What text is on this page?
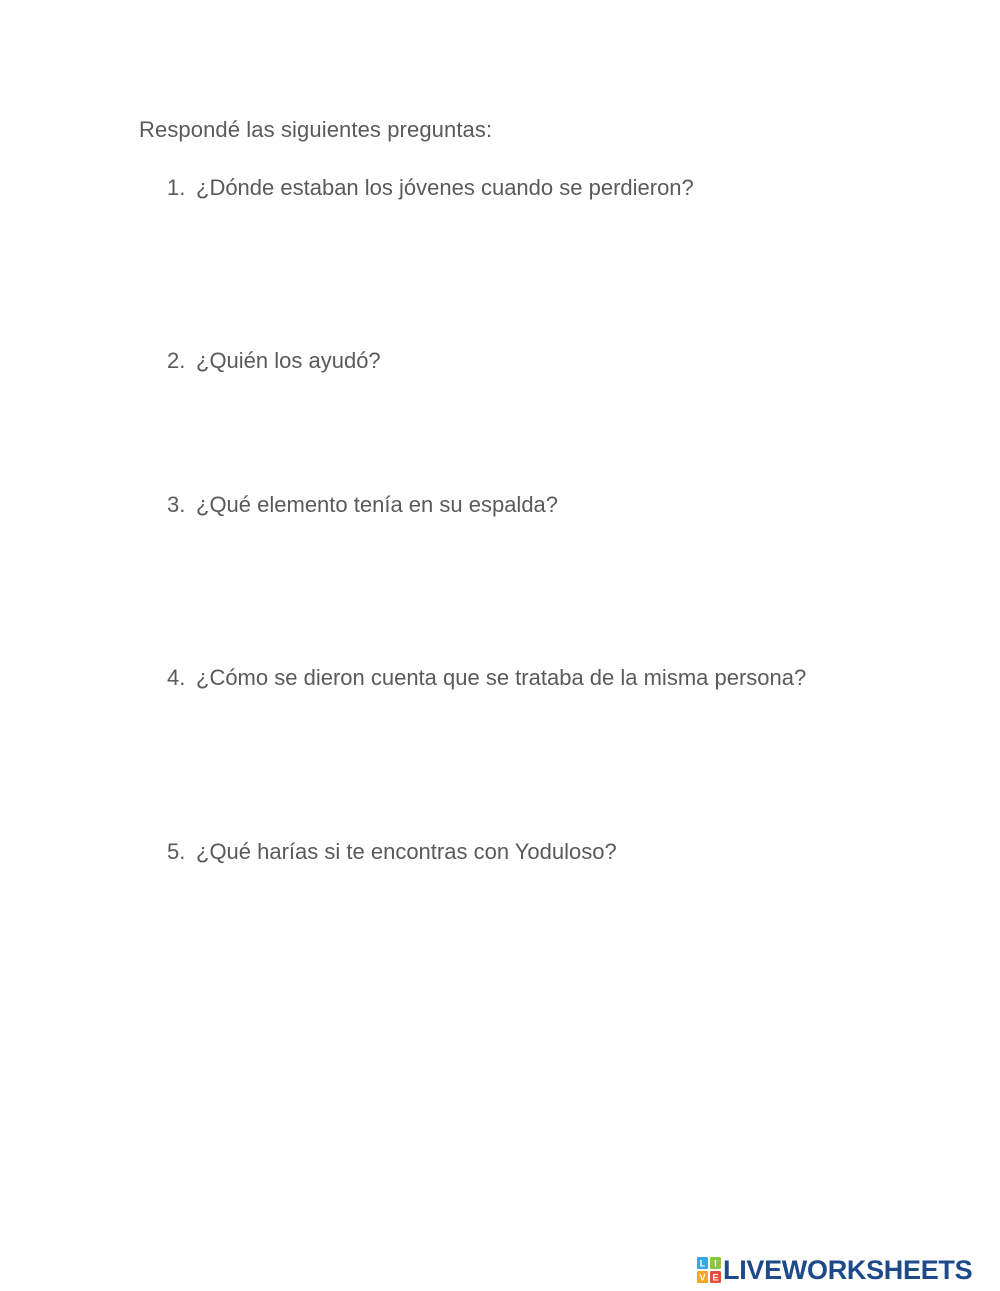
Respondé las siguientes preguntas:
1. ¿Dónde estaban los jóvenes cuando se perdieron?
2. ¿Quién los ayudó?
3. ¿Qué elemento tenía en su espalda?
4. ¿Cómo se dieron cuenta que se trataba de la misma persona?
5. ¿Qué harías si te encontras con Yoduloso?
L I
V E LIVEWORKSHEETS
